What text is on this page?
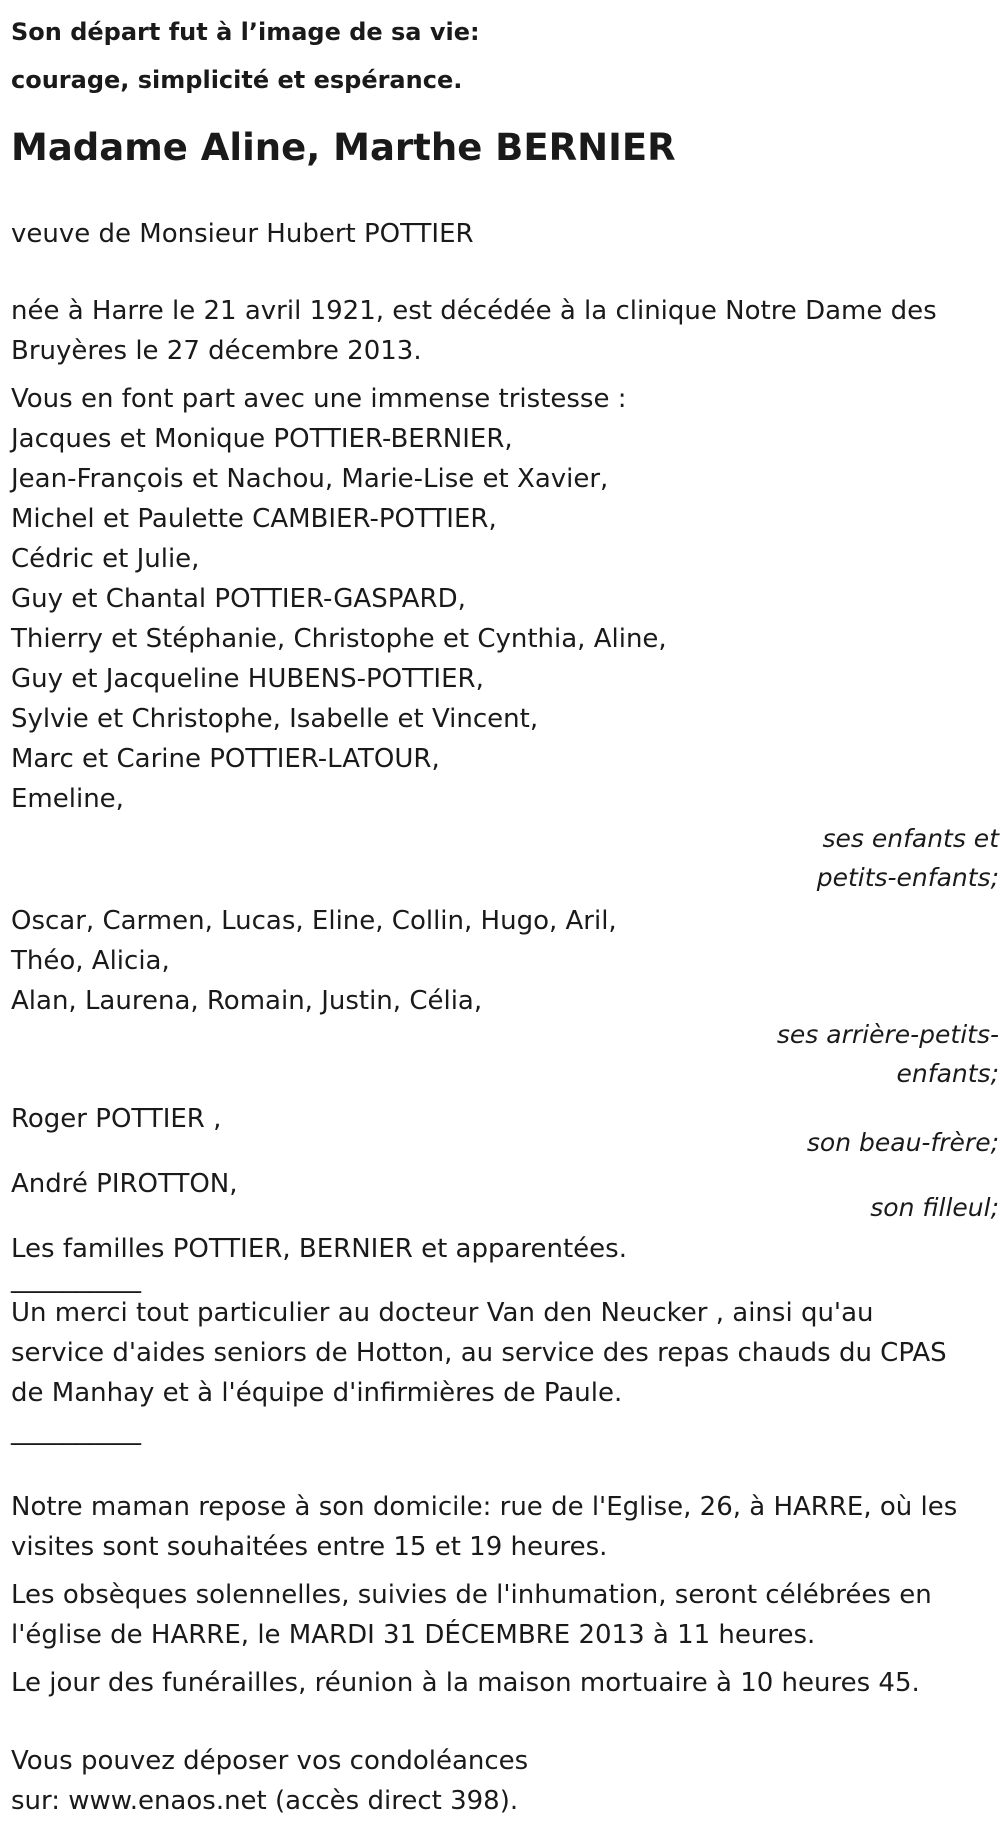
Son départ fut à l’image de sa vie:
courage, simplicité et espérance.
Madame Aline, Marthe BERNIER
veuve de Monsieur Hubert POTTIER
née à Harre le 21 avril 1921, est décédée à la clinique Notre Dame des
Bruyères le 27 décembre 2013.
Vous en font part avec une immense tristesse :
Jacques et Monique POTTIER-BERNIER,
Jean-François et Nachou, Marie-Lise et Xavier,
Michel et Paulette CAMBIER-POTTIER,
Cédric et Julie,
Guy et Chantal POTTIER-GASPARD,
Thierry et Stéphanie, Christophe et Cynthia, Aline,
Guy et Jacqueline HUBENS-POTTIER,
Sylvie et Christophe, Isabelle et Vincent,
Marc et Carine POTTIER-LATOUR,
Emeline,
ses enfants et
petits-enfants;
Oscar, Carmen, Lucas, Eline, Collin, Hugo, Aril,
Théo, Alicia,
Alan, Laurena, Romain, Justin, Célia,
ses arrière-petits-
enfants;
Roger POTTIER ,
son beau-frère;
André PIROTTON,
son filleul;
Les familles POTTIER, BERNIER et apparentées.
__________
Un merci tout particulier au docteur Van den Neucker , ainsi qu'au
service d'aides seniors de Hotton, au service des repas chauds du CPAS
de Manhay et à l'équipe d'infirmières de Paule.
__________
Notre maman repose à son domicile: rue de l'Eglise, 26, à HARRE, où les
visites sont souhaitées entre 15 et 19 heures.
Les obsèques solennelles, suivies de l'inhumation, seront célébrées en
l'église de HARRE, le MARDI 31 DÉCEMBRE 2013 à 11 heures.
Le jour des funérailles, réunion à la maison mortuaire à 10 heures 45.
Vous pouvez déposer vos condoléances
sur: www.enaos.net (accès direct 398).
